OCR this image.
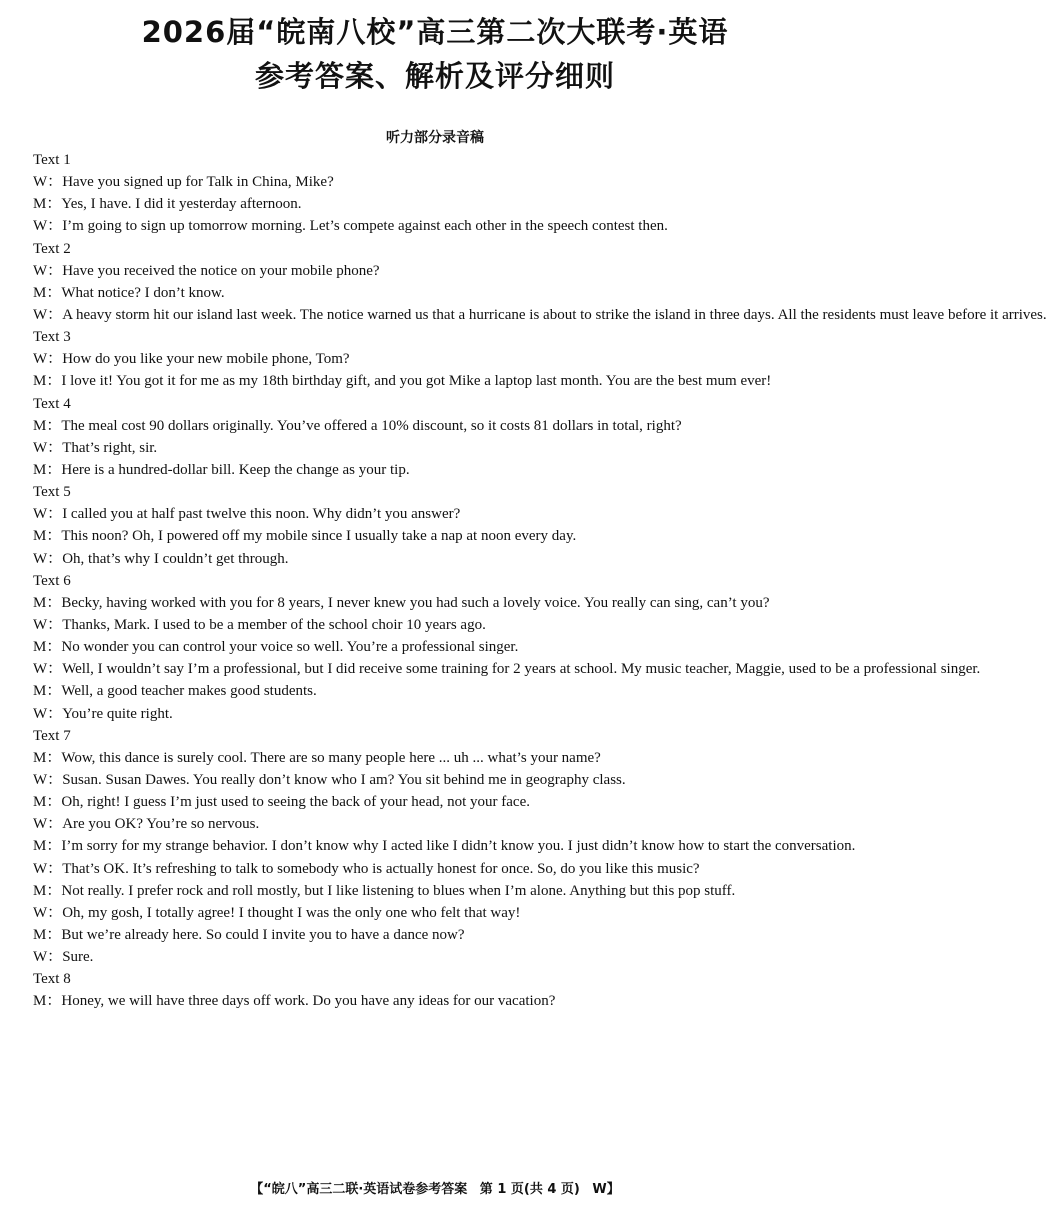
2026届“皖南八校”高三第二次大联考·英语
参考答案、解析及评分细则
听力部分录音稿
Text 1
W ： Have you signed up for Talk in China, Mike?
M ： Yes, I have. I did it yesterday afternoon.
W ： I’m going to sign up tomorrow morning. Let’s compete against each other in the speech contest then.
Text 2
W ： Have you received the notice on your mobile phone?
M ： What notice? I don’t know.
W ： A heavy storm hit our island last week. The notice warned us that a hurricane is about to strike the island in three days. All the residents must leave before it arrives.
Text 3
W ： How do you like your new mobile phone, Tom?
M ： I love it! You got it for me as my 18th birthday gift, and you got Mike a laptop last month. You are the best mum ever!
Text 4
M ： The meal cost 90 dollars originally. You’ve offered a 10% discount, so it costs 81 dollars in total, right?
W ： That’s right, sir.
M ： Here is a hundred-dollar bill. Keep the change as your tip.
Text 5
W ： I called you at half past twelve this noon. Why didn’t you answer?
M ： This noon? Oh, I powered off my mobile since I usually take a nap at noon every day.
W ： Oh, that’s why I couldn’t get through.
Text 6
M ： Becky, having worked with you for 8 years, I never knew you had such a lovely voice. You really can sing, can’t you?
W ： Thanks, Mark. I used to be a member of the school choir 10 years ago.
M ： No wonder you can control your voice so well. You’re a professional singer.
W ： Well, I wouldn’t say I’m a professional, but I did receive some training for 2 years at school. My music teacher, Maggie, used to be a professional singer.
M ： Well, a good teacher makes good students.
W ： You’re quite right.
Text 7
M ： Wow, this dance is surely cool. There are so many people here ... uh ... what’s your name?
W ： Susan. Susan Dawes. You really don’t know who I am? You sit behind me in geography class.
M ： Oh, right! I guess I’m just used to seeing the back of your head, not your face.
W ： Are you OK? You’re so nervous.
M ： I’m sorry for my strange behavior. I don’t know why I acted like I didn’t know you. I just didn’t know how to start the conversation.
W ： That’s OK. It’s refreshing to talk to somebody who is actually honest for once. So, do you like this music?
M ： Not really. I prefer rock and roll mostly, but I like listening to blues when I’m alone. Anything but this pop stuff.
W ： Oh, my gosh, I totally agree! I thought I was the only one who felt that way!
M ： But we’re already here. So could I invite you to have a dance now?
W ： Sure.
Text 8
M ： Honey, we will have three days off work. Do you have any ideas for our vacation?
【“皖八”高三二联·英语试卷参考答案 第 1 页(共 4 页) W】
